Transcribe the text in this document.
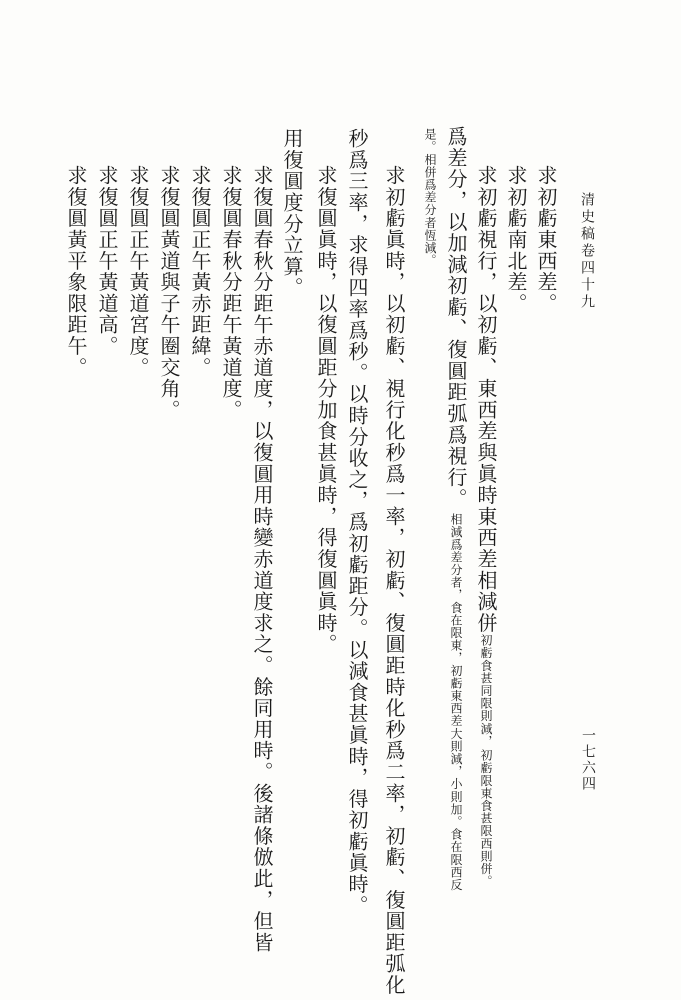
清史稿卷四十九
一七六四
求初虧東西差。
求初虧南北差。
求初虧視行，以初虧、東西差與眞時東西差相減併
初虧食甚同限則減，
初虧限東食甚限西則併。
爲差分，以加減初虧、復圓距弧爲視行。相減爲差分者，食在限東，初虧東西差大則減，小則加。食在限西反
是。相併爲差分者恆減。
求初虧眞時，以初虧、視行化秒爲一率，初虧、復圓距時化秒爲二率，初虧、復圓距弧化
秒爲三率，求得四率爲秒。以時分收之，爲初虧距分。以減食甚眞時，得初虧眞時。
求復圓眞時，以復圓距分加食甚眞時，得復圓眞時。
用復圓度分立算。
求復圓春秋分距午赤道度，以復圓用時變赤道度求之。餘同用時。後諸條倣此，但皆
求復圓春秋分距午黃道度。
求復圓正午黃赤距緯。
求復圓黃道與子午圈交角。
求復圓正午黃道宮度。
求復圓正午黃道高。
求復圓黃平象限距午。
